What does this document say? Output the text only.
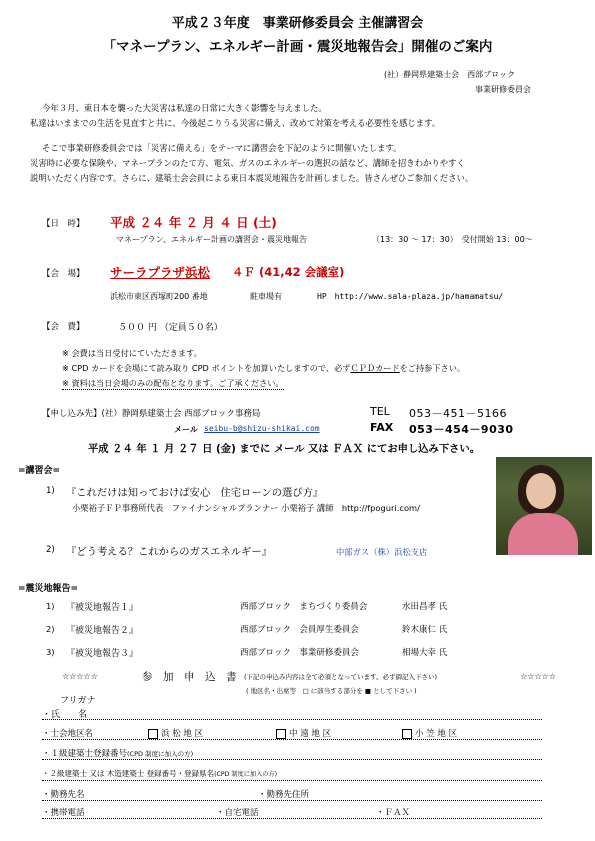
平成２３年度　事業研修委員会 主催講習会
「マネープラン、エネルギー計画・震災地報告会」開催のご案内
(社）静岡県建築士会　西部ブロック
事業研修委員会
今年３月、東日本を襲った大災害は私達の日常に大きく影響を与えました。
私達はいままでの生活を見直すと共に、今後起こりうる災害に備え、改めて対策を考える必要性を感じます。
そこで事業研修委員会では「災害に備える」をテーマに講習会を下記のように開催いたします。
災害時に必要な保険や、マネープランのたて方、電気、ガスのエネルギーの選択の話など、講師を招きわかりやすく
説明いただく内容です。さらに、建築士会会員による東日本震災地報告を計画しました。皆さんぜひご参加ください。
【日　時】 平成 ２４ 年 ２ 月 ４ 日 (土)
マネープラン、エネルギー計画の講習会・震災地報告	（13：30 ～ 17：30）　受付開始 13：00～
【会　場】 サーラプラザ浜松 ４Ｆ (41,42 会議室)
浜松市東区西塚町200 番地	駐車場有	HP　http://www.sala-plaza.jp/hamamatsu/
【会　費】	５００ 円 （定員５０名）
※ 会費は当日受付にていただきます。
※ CPD カードを会場にて読み取り CPD ポイントを加算いたしますので、必ずＣＰＤカードをご持参下さい。
※ 資料は当日会場のみの配布となります。ご了承ください。
【申し込み先】(社）静岡県建築士会 西部ブロック事務局	TEL 053－451－5166
メール seibu-b@shizu-shikai.com	FAX 053－454－9030
平成 ２４ 年 １ 月 ２７ 日 (金) までに メール 又は ＦＡＸ にてお申し込み下さい。
=講習会=
1) 『これだけは知っておけば安心　住宅ローンの選び方』
小栗裕子ＦＰ事務所代表　ファイナンシャルプランナー 小栗裕子 講師　http://fpoguri.com/
2) 『どう考える？これからのガスエネルギー』	中部ガス（株）浜松支店
=震災地報告=
1) 『被災地報告１』	西部ブロック　まちづくり委員会	水田昌孝 氏
2) 『被災地報告２』	西部ブロック　会員厚生委員会	鈴木康仁 氏
3) 『被災地報告３』	西部ブロック　事業研修委員会	相場大幸 氏
☆☆☆☆☆	参　加　申　込　書 (下記の申込み内容は全て必須となっています。必ず御記入下さい)	☆☆☆☆☆
( 地区名・出席等　□ に該当する部分を ■ として下さい )
フリガナ
・氏　　名
・士会地区名	浜 松 地 区	中 遠 地 区	小 笠 地 区
・１級建築士登録番号(CPD 制度に加入の方)
・２級建築士 又は 木造建築士 登録番号・登録県名(CPD 制度に加入の方)
・勤務先名	・勤務先住所
・携帯電話	・自宅電話	・ＦＡＸ
